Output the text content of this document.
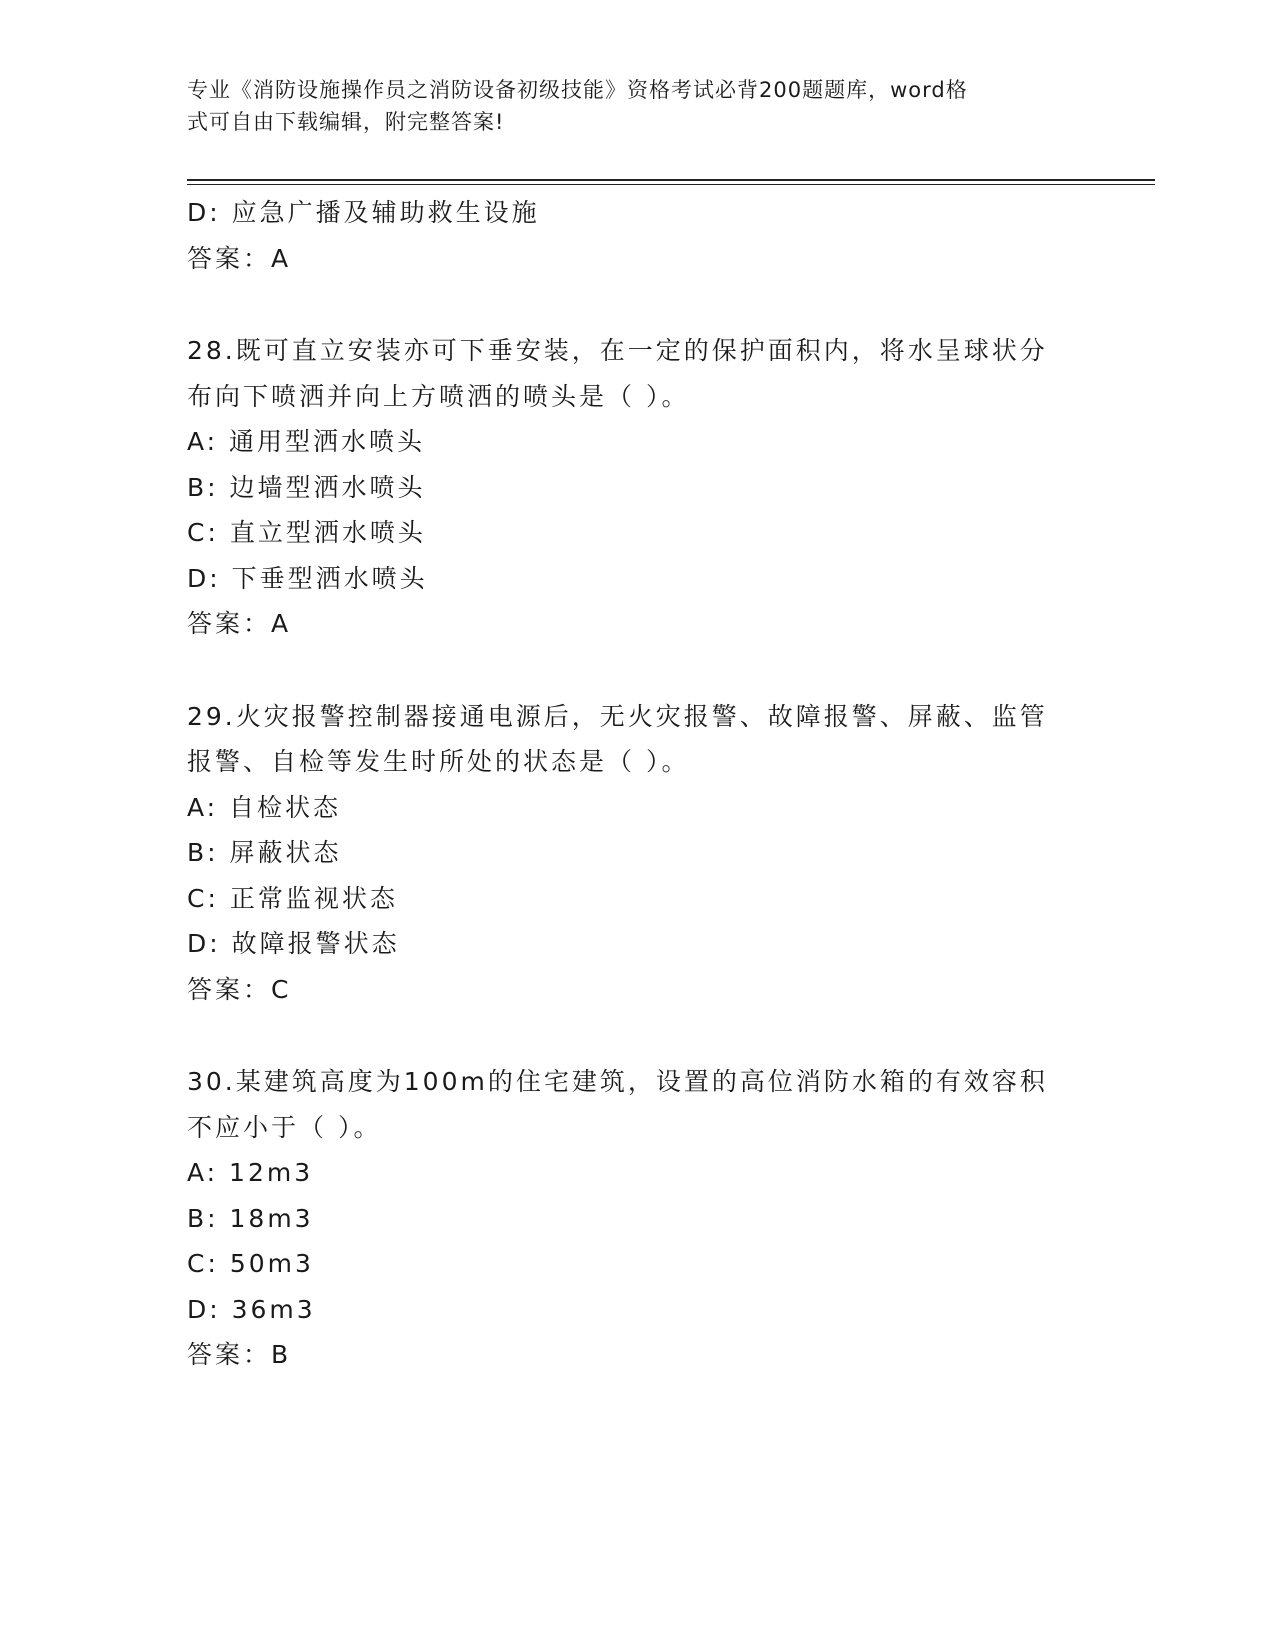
专业《消防设施操作员之消防设备初级技能》资格考试必背200题题库，word格
式可自由下载编辑，附完整答案!
D: 应急广播及辅助救生设施
答案：A
28.既可直立安装亦可下垂安装，在一定的保护面积内，将水呈球状分
布向下喷洒并向上方喷洒的喷头是（ ）。
A: 通用型洒水喷头
B: 边墙型洒水喷头
C: 直立型洒水喷头
D: 下垂型洒水喷头
答案：A
29.火灾报警控制器接通电源后，无火灾报警、故障报警、屏蔽、监管
报警、自检等发生时所处的状态是（ ）。
A: 自检状态
B: 屏蔽状态
C: 正常监视状态
D: 故障报警状态
答案：C
30.某建筑高度为100m的住宅建筑，设置的高位消防水箱的有效容积
不应小于（ ）。
A: 12m3
B: 18m3
C: 50m3
D: 36m3
答案：B
